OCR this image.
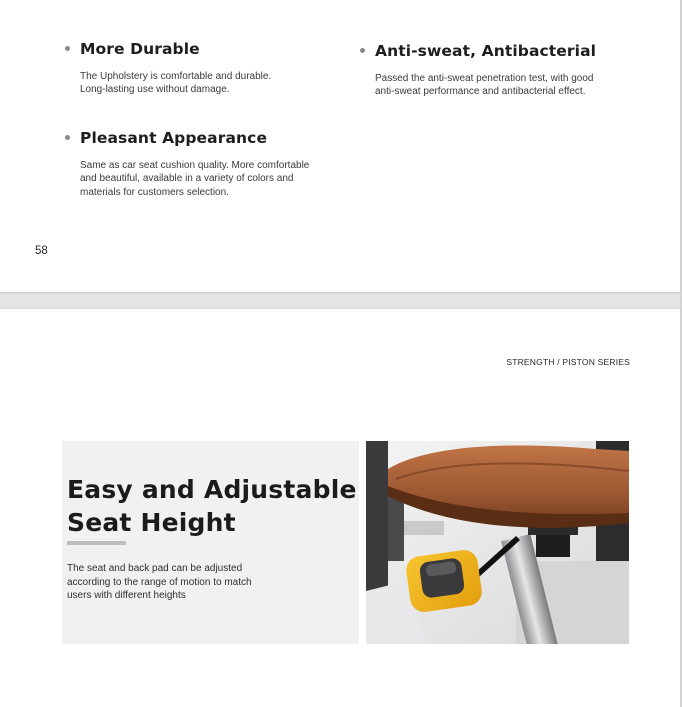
More Durable

The Upholstery is comfortable and durable.
Long-lasting use without damage.

Anti-sweat, Antibacterial

Passed the anti-sweat penetration test, with good
anti-sweat performance and antibacterial effect.

Pleasant Appearance

Same as car seat cushion quality. More comfortable
and beautiful, available in a variety of colors and
materials for customers selection.

58
STRENGTH / PISTON SERIES
Easy and Adjustable
Seat Height

The seat and back pad can be adjusted
according to the range of motion to match
users with different heights
